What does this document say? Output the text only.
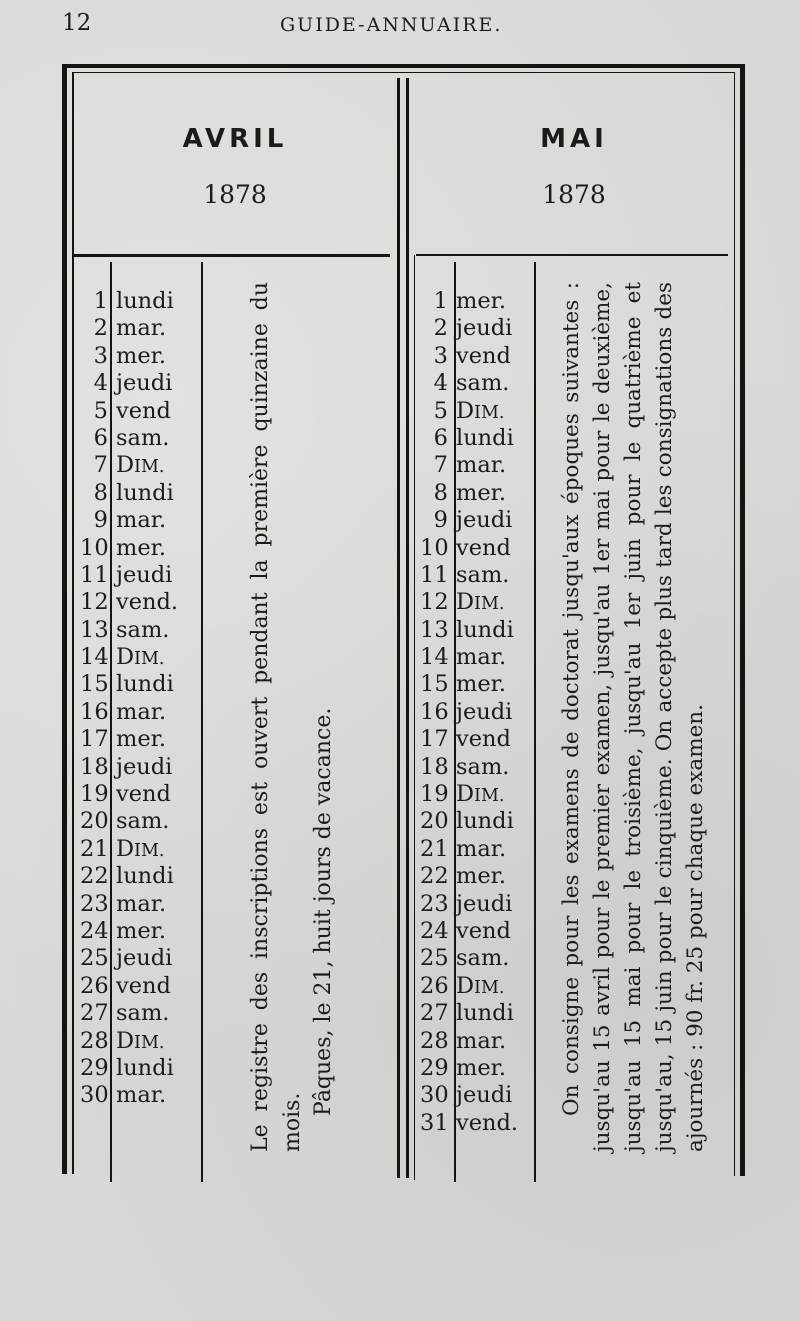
12	GUIDE-ANNUAIRE.
AVRIL
1878
MAI
1878
1 lundi
2 mar.
3 mer.
4 jeudi
5 vend
6 sam.
7 DIM.
8 lundi
9 mar.
10 mer.
11 jeudi
12 vend.
13 sam.
14 DIM.
15 lundi
16 mar.
17 mer.
18 jeudi
19 vend
20 sam.
21 DIM.
22 lundi
23 mar.
24 mer.
25 jeudi
26 vend
27 sam.
28 DIM.
29 lundi
30 mar.
1 mer.
2 jeudi
3 vend
4 sam.
5 DIM.
6 lundi
7 mar.
8 mer.
9 jeudi
10 vend
11 sam.
12 DIM.
13 lundi
14 mar.
15 mer.
16 jeudi
17 vend
18 sam.
19 DIM.
20 lundi
21 mar.
22 mer.
23 jeudi
24 vend
25 sam.
26 DIM.
27 lundi
28 mar.
29 mer.
30 jeudi
31 vend.

Le registre des inscriptions est ouvert pendant la première quinzaine du mois.

Pâques, le 21, huit jours de vacance.	On consigne pour les examens de doctorat jusqu'aux époques suivantes : jusqu'au 15 avril pour le premier examen, jusqu'au 1er mai pour le deuxième, jusqu'au 15 mai pour le troisième, jusqu'au 1er juin pour le quatrième et jusqu'au, 15 juin pour le cinquième. On accepte plus tard les consignations des ajournés : 90 fr. 25 pour chaque examen.
